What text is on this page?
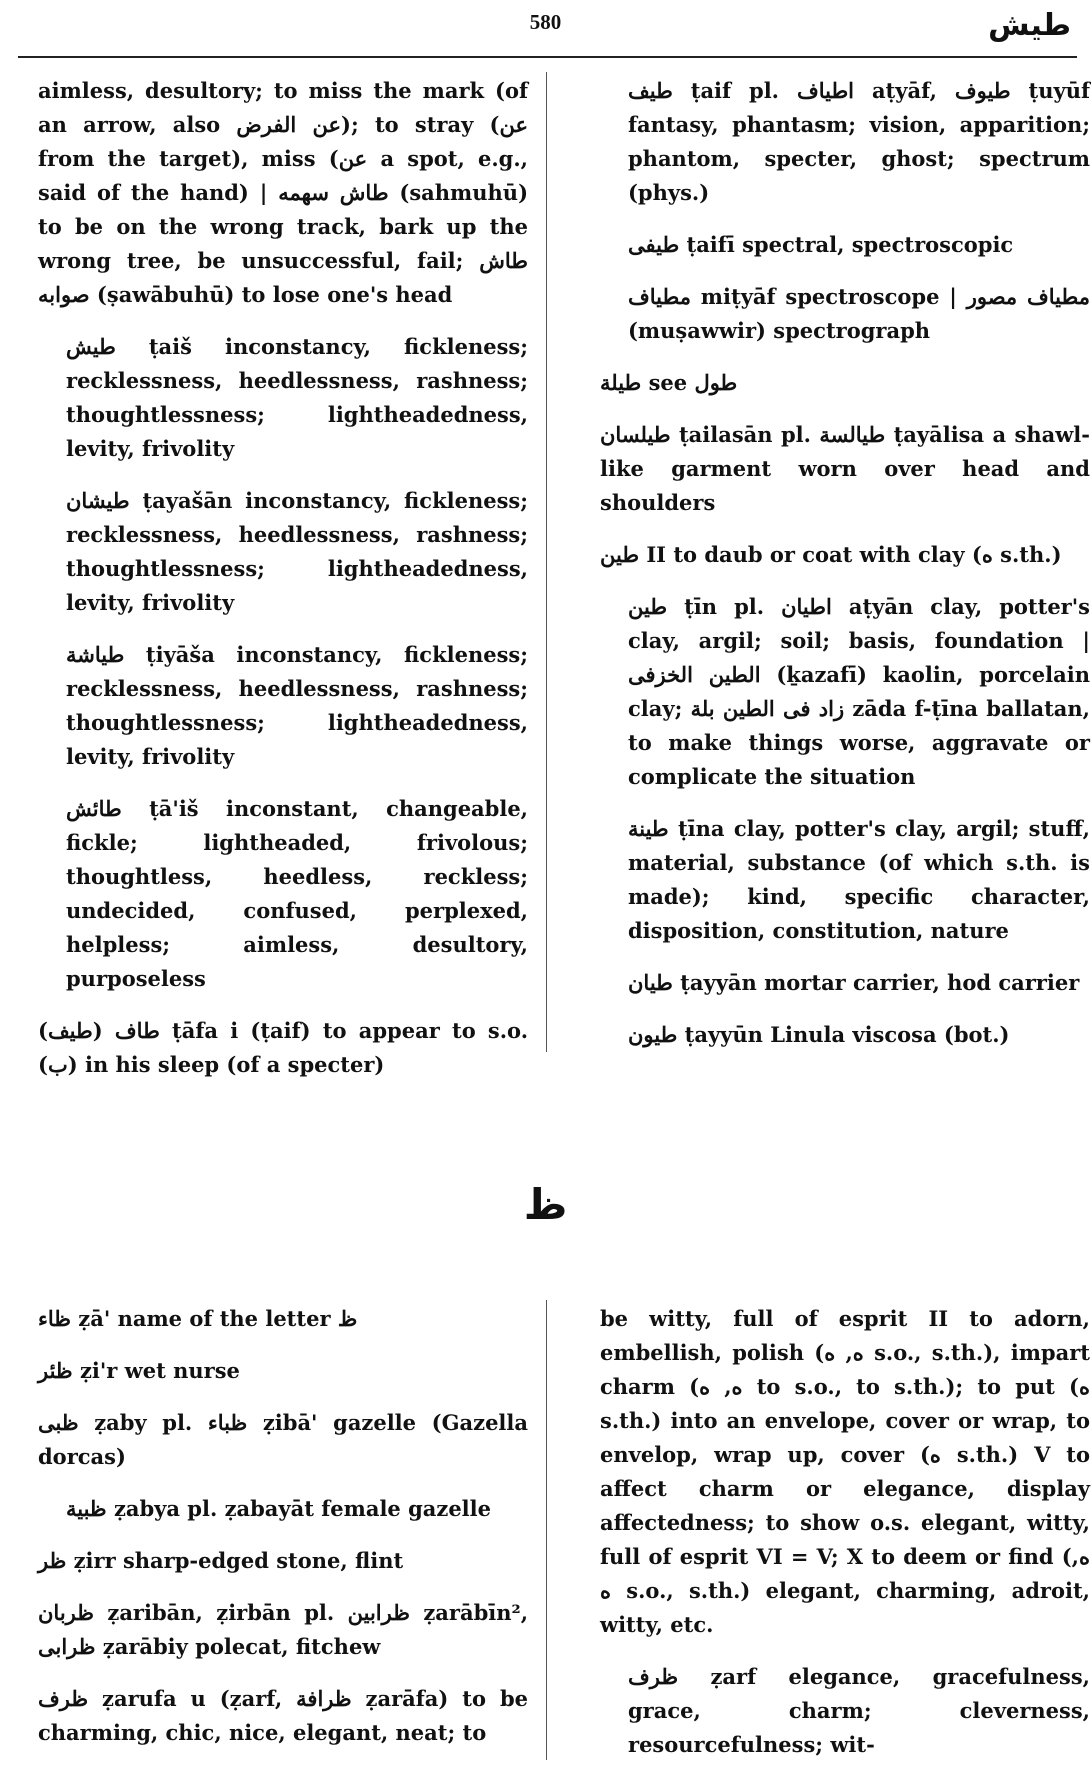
طيش
580

aimless, desultory; to miss the mark (of an arrow, also عن الفرض); to stray (عن from the target), miss (عن a spot, e.g., said of the hand) | طاش سهمه (sahmuhū) to be on the wrong track, bark up the wrong tree, be unsuccessful, fail; طاش صوابه (ṣawābuhū) to lose one's head

طيش ṭaiš inconstancy, fickleness; recklessness, heedlessness, rashness; thoughtlessness; lightheadedness, levity, frivolity

طيشان ṭayašān inconstancy, fickleness; recklessness, heedlessness, rashness; thoughtlessness; lightheadedness, levity, frivolity

طياشة ṭiyāša inconstancy, fickleness; recklessness, heedlessness, rashness; thoughtlessness; lightheadedness, levity, frivolity

طائش ṭā'iš inconstant, changeable, fickle; lightheaded, frivolous; thoughtless, heedless, reckless; undecided, confused, perplexed, helpless; aimless, desultory, purposeless

(طيف) طاف ṭāfa i (ṭaif) to appear to s.o. (ب) in his sleep (of a specter)

طيف ṭaif pl. اطياف aṭyāf, طيوف ṭuyūf fantasy, phantasm; vision, apparition; phantom, specter, ghost; spectrum (phys.)

طيفى ṭaifī spectral, spectroscopic

مطياف miṭyāf spectroscope | مطياف مصور (muṣawwir) spectrograph

طيلة see طول

طيلسان ṭailasān pl. طيالسة ṭayālisa a shawl-like garment worn over head and shoulders

طين II to daub or coat with clay (ه s.th.)

طين ṭīn pl. اطيان aṭyān clay, potter's clay, argil; soil; basis, foundation | الطين الخزفى (ḵazafī) kaolin, porcelain clay; زاد فى الطين بلة zāda f-ṭīna ballatan, to make things worse, aggravate or complicate the situation

طينة ṭīna clay, potter's clay, argil; stuff, material, substance (of which s.th. is made); kind, specific character, disposition, constitution, nature

طيان ṭayyān mortar carrier, hod carrier

طيون ṭayyūn Linula viscosa (bot.)

ظ

ظاء ẓā' name of the letter ظ

ظئر ẓi'r wet nurse

ظبى ẓaby pl. ظباء ẓibā' gazelle (Gazella dorcas)

ظبية ẓabya pl. ẓabayāt female gazelle

ظر ẓirr sharp-edged stone, flint

ظربان ẓaribān, ẓirbān pl. ظرابين ẓarābīn², ظرابى ẓarābiy polecat, fitchew

ظرف ẓarufa u (ẓarf, ظرافة ẓarāfa) to be charming, chic, nice, elegant, neat; to

be witty, full of esprit II to adorn, embellish, polish (ه, ه s.o., s.th.), impart charm (ه, ه to s.o., to s.th.); to put (ه s.th.) into an envelope, cover or wrap, to envelop, wrap up, cover (ه s.th.) V to affect charm or elegance, display affectedness; to show o.s. elegant, witty, full of esprit VI = V; X to deem or find (ه, ه s.o., s.th.) elegant, charming, adroit, witty, etc.

ظرف ẓarf elegance, gracefulness, grace, charm; cleverness, resourcefulness; wit-
